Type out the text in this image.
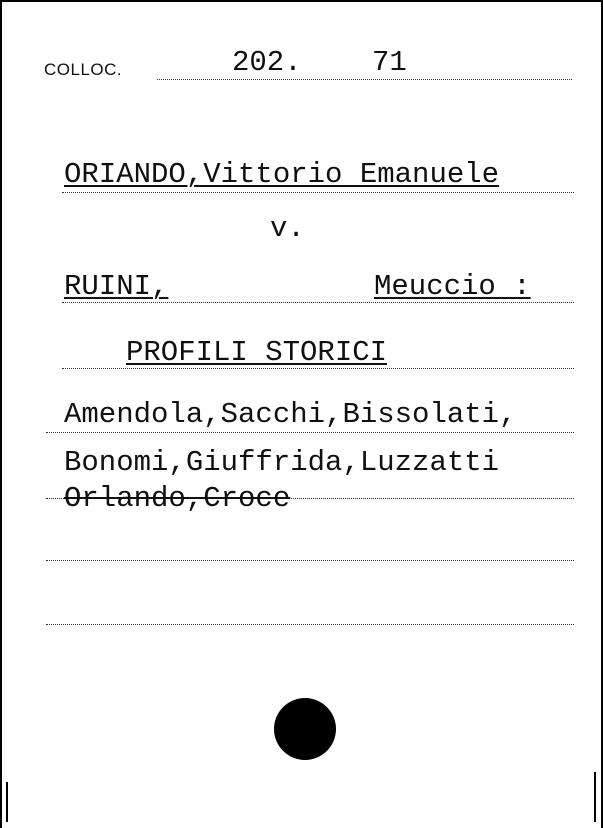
COLLOC.	202. 71
ORIANDO,Vittorio Emanuele
v.
RUINI,	Meuccio :
PROFILI STORICI
Amendola,Sacchi,Bissolati,
Bonomi,Giuffrida,Luzzatti
Orlando,Croce
